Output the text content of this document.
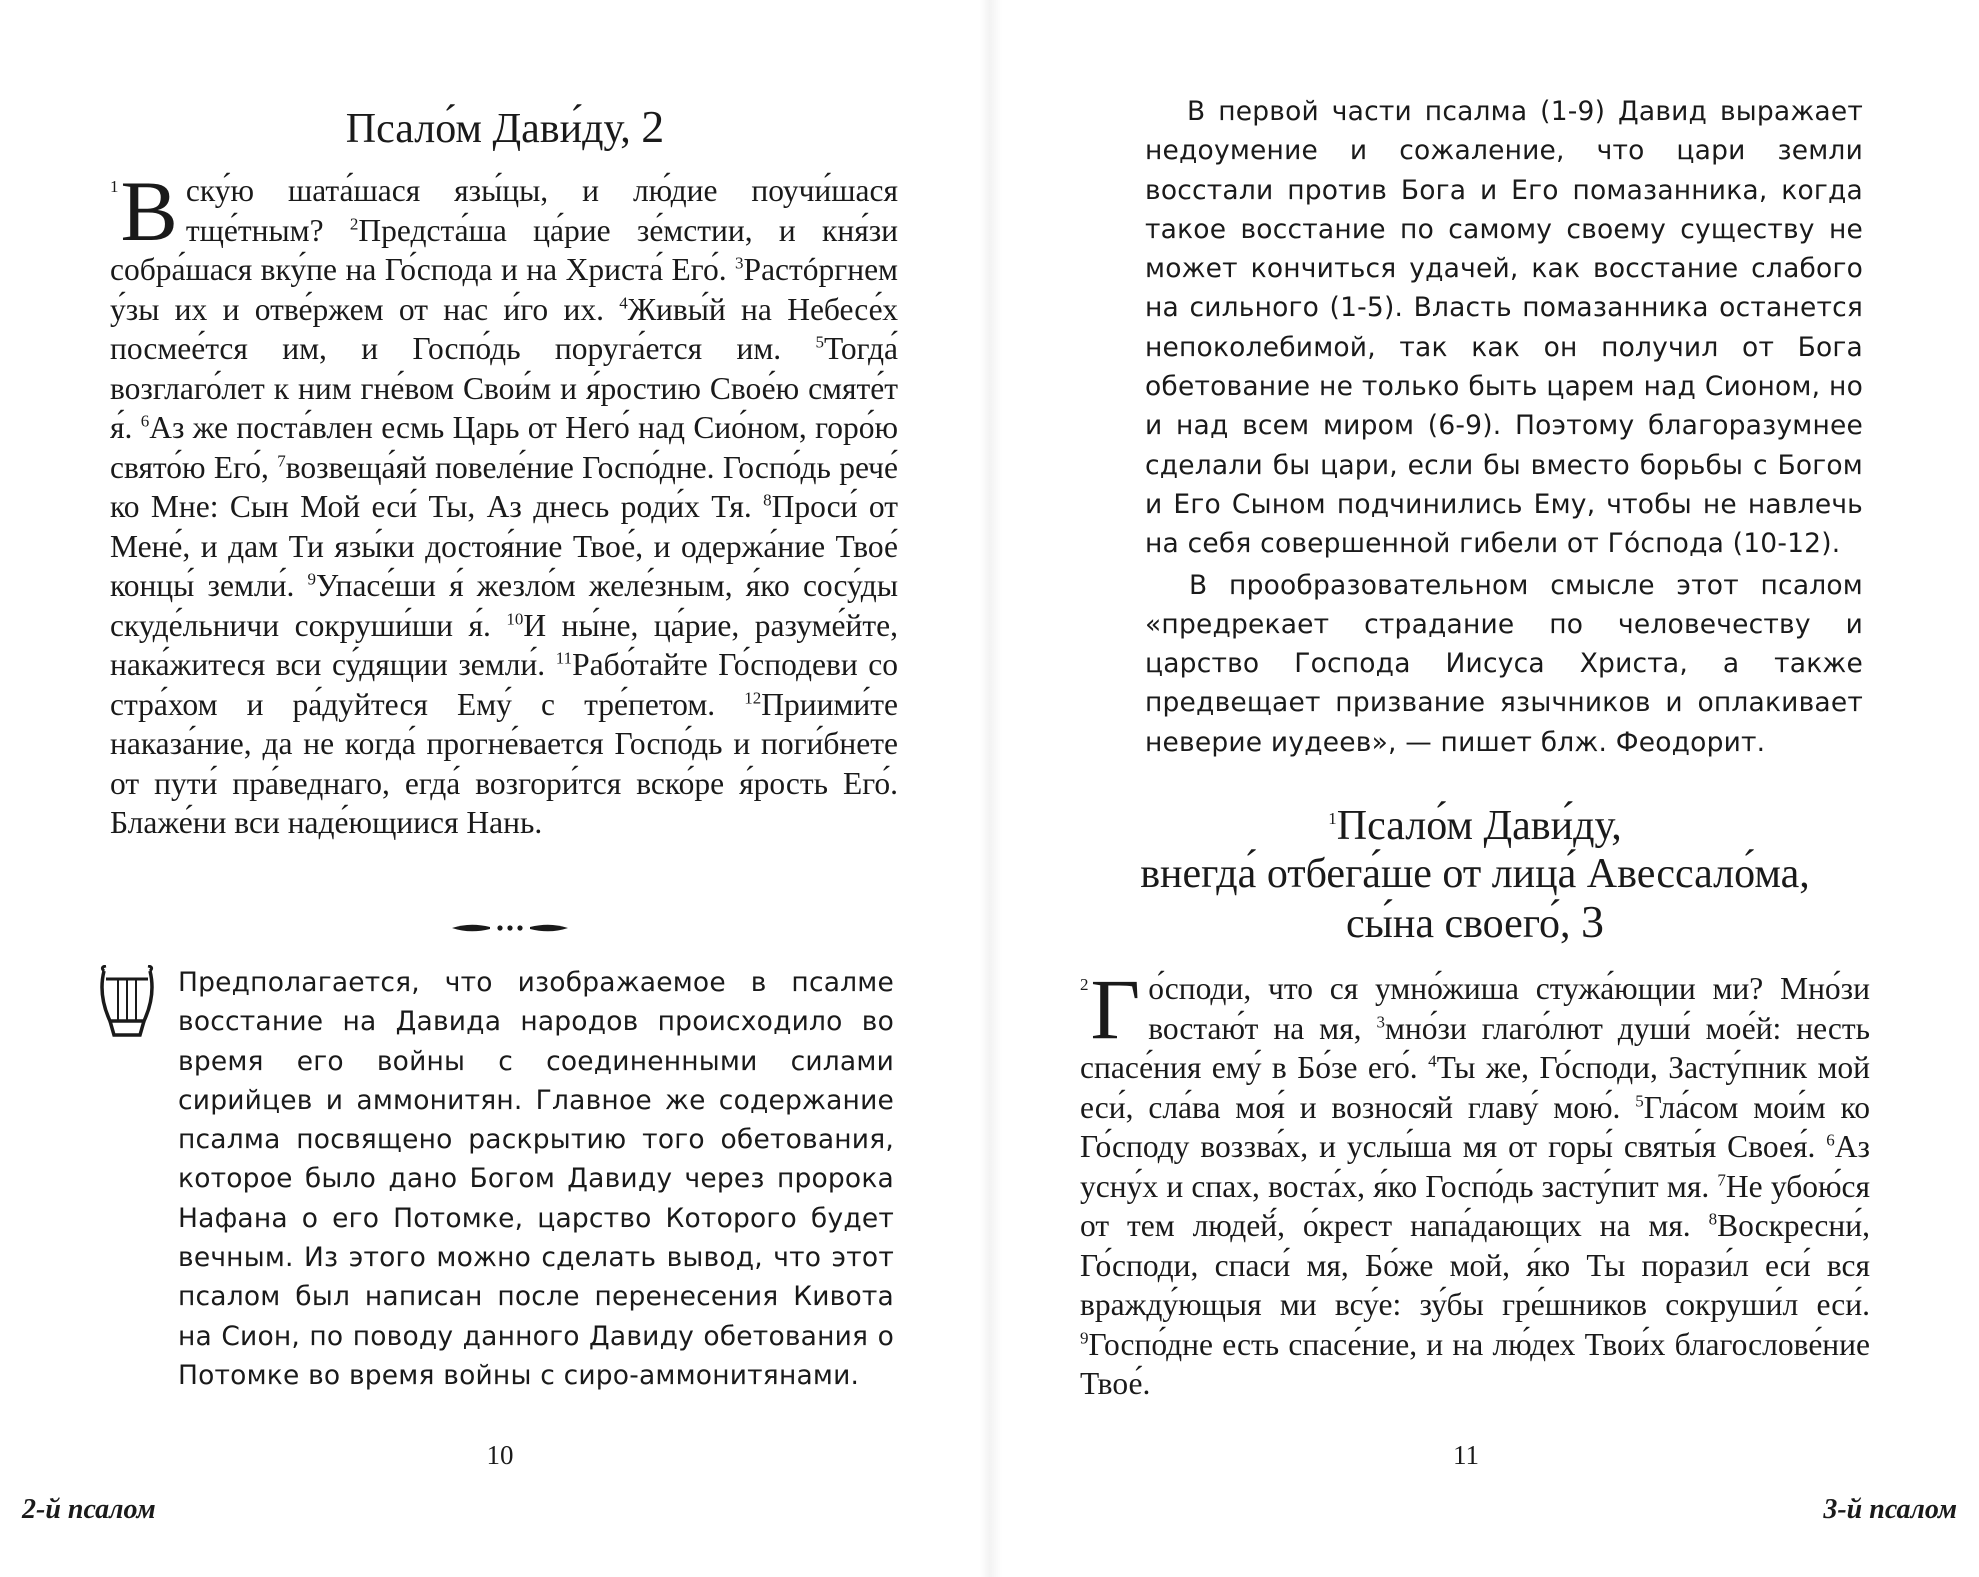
Псало́м Дави́ду, 2
1 В ску́ю шата́шася язы́цы, и лю́дие поучи́шася тще́тным? $^2$Предста́ша ца́рие зе́мстии, и кня́зи собра́шася вку́пе на Го́спода и на Христа́ Его́. $^3$Растóргнем у́зы их и отве́ржем от нас и́го их. $^4$Живы́й на Небесе́х посмее́тся им, и Госпо́дь поруга́ется им. $^5$Тогда́ возглаго́лет к ним гне́вом Свои́м и я́ростию Свое́ю смяте́т я́. $^6$Аз же поста́влен есмь Царь от Него́ над Сио́ном, горо́ю свято́ю Его́, $^7$возвеща́яй повеле́ние Госпо́дне. Госпо́дь рече́ ко Мне: Сын Мой еси́ Ты, Аз днесь роди́х Тя. $^8$Проси́ от Мене́, и дам Ти язы́ки достоя́ние Твое́, и одержа́ние Твое́ концы́ земли́. $^9$Упасе́ши я́ жезло́м желе́зным, я́ко сосу́ды скуде́льничи сокруши́ши я́. $^{10}$И ны́не, ца́рие, разуме́йте, нака́житеся вси су́дящии земли́. $^{11}$Рабо́тайте Го́сподеви со стра́хом и ра́дуйтеся Ему́ с тре́петом. $^{12}$Приими́те наказа́ние, да не когда́ прогне́вается Госпо́дь и поги́бнете от пути́ пра́веднаго, егда́ возгори́тся вско́ре я́рость Его́. Блаже́ни вси наде́ющиися Нань.

Предполагается, что изображаемое в псалме восстание на Давида народов происходило во время его войны с соединенными силами сирийцев и аммонитян. Главное же содержание псалма посвящено раскрытию того обетования, которое было дано Богом Давиду через пророка Нафана о его Потомке, царство Которого будет вечным. Из этого можно сделать вывод, что этот псалом был написан после перенесения Кивота на Сион, по поводу данного Давиду обетования о Потомке во время войны с сиро-аммонитянами.

10
2-й псалом

В первой части псалма (1-9) Давид выражает недоумение и сожаление, что цари земли восстали против Бога и Его помазанника, когда такое восстание по самому своему существу не может кончиться удачей, как восстание слабого на сильного (1-5). Власть помазанника останется непоколебимой, так как он получил от Бога обетование не только быть царем над Сионом, но и над всем миром (6-9). Поэтому благоразумнее сделали бы цари, если бы вместо борьбы с Богом и Его Сыном подчинились Ему, чтобы не навлечь на себя совершенной гибели от Гóспода (10-12).

В прообразовательном смысле этот псалом «предрекает страдание по человечеству и царство Господа Иисуса Христа, а также предвещает призвание язычников и оплакивает неверие иудеев», — пишет блж. Феодорит.

$^1$Псало́м Дави́ду,
внегда́ отбега́ше от лица́ Авессало́ма,
сы́на своего́, 3
2 Г о́споди, что ся умно́жиша стужа́ющии ми? Мно́зи востаю́т на мя, $^3$мно́зи глаго́лют души́ мое́й: несть спасе́ния ему́ в Бо́зе его́. $^4$Ты же, Го́споди, Засту́пник мой еси́, сла́ва моя́ и возносяй главу́ мою́. $^5$Гла́сом мои́м ко Го́споду воззва́х, и услы́ша мя от горы́ святы́я Своея́. $^6$Аз усну́х и спах, воста́х, я́ко Госпо́дь засту́пит мя. $^7$Не убою́ся от тем людей́, о́крест напа́дающих на мя. $^8$Воскресни́, Го́споди, спаси́ мя, Бо́же мой, я́ко Ты порази́л еси́ вся вражду́ющыя ми всу́е: зу́бы гре́шников сокруши́л еси́. $^9$Госпо́дне есть спасе́ние, и на лю́дех Твои́х благослове́ние Твое́.
11
3-й псалом
